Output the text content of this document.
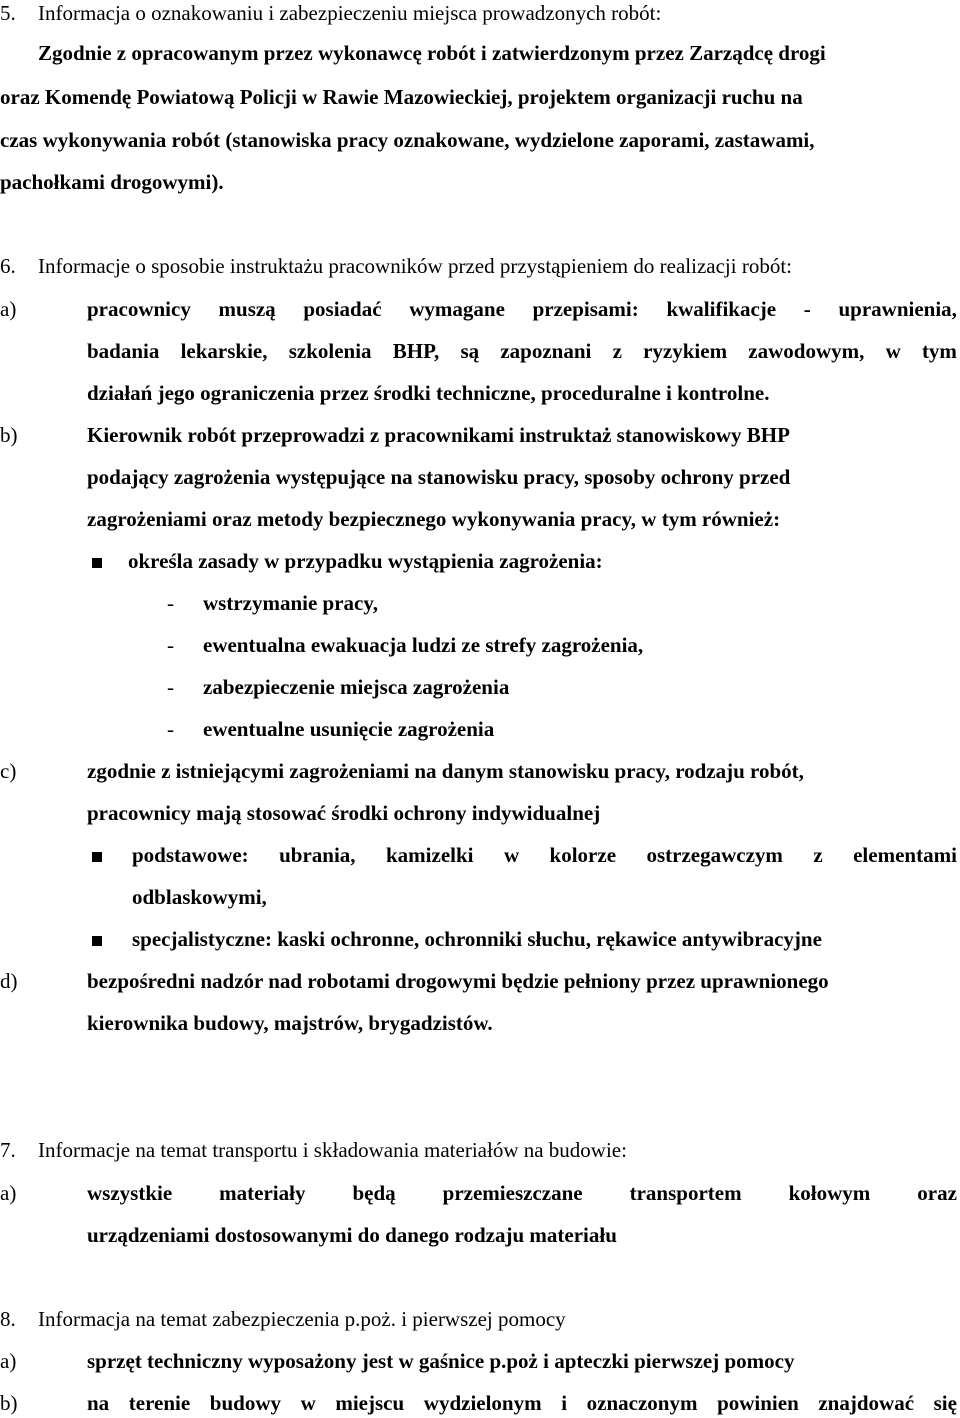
5. Informacja o oznakowaniu i zabezpieczeniu miejsca prowadzonych robót:
Zgodnie z opracowanym przez wykonawcę robót i zatwierdzonym przez Zarządcę drogi
oraz Komendę Powiatową Policji w Rawie Mazowieckiej, projektem organizacji ruchu na
czas wykonywania robót (stanowiska pracy oznakowane, wydzielone zaporami, zastawami,
pachołkami drogowymi).
6. Informacje o sposobie instruktażu pracowników przed przystąpieniem do realizacji robót:
a)	pracownicy muszą posiadać wymagane przepisami: kwalifikacje - uprawnienia,
badania lekarskie, szkolenia BHP, są zapoznani z ryzykiem zawodowym, w tym
działań jego ograniczenia przez środki techniczne, proceduralne i kontrolne.
b)	Kierownik robót przeprowadzi z pracownikami instruktaż stanowiskowy BHP
podający zagrożenia występujące na stanowisku pracy, sposoby ochrony przed
zagrożeniami oraz metody bezpiecznego wykonywania pracy, w tym również:
określa zasady w przypadku wystąpienia zagrożenia:
- wstrzymanie pracy,
- ewentualna ewakuacja ludzi ze strefy zagrożenia,
- zabezpieczenie miejsca zagrożenia
- ewentualne usunięcie zagrożenia
c)	zgodnie z istniejącymi zagrożeniami na danym stanowisku pracy, rodzaju robót,
pracownicy mają stosować środki ochrony indywidualnej
podstawowe: ubrania, kamizelki w kolorze ostrzegawczym z elementami
odblaskowymi,
specjalistyczne: kaski ochronne, ochronniki słuchu, rękawice antywibracyjne
d)	bezpośredni nadzór nad robotami drogowymi będzie pełniony przez uprawnionego
kierownika budowy, majstrów, brygadzistów.
7. Informacje na temat transportu i składowania materiałów na budowie:
a)	wszystkie materiały będą przemieszczane transportem kołowym oraz
urządzeniami dostosowanymi do danego rodzaju materiału
8. Informacja na temat zabezpieczenia p.poż. i pierwszej pomocy
a)	sprzęt techniczny wyposażony jest w gaśnice p.poż i apteczki pierwszej pomocy
b)	na terenie budowy w miejscu wydzielonym i oznaczonym powinien znajdować się
